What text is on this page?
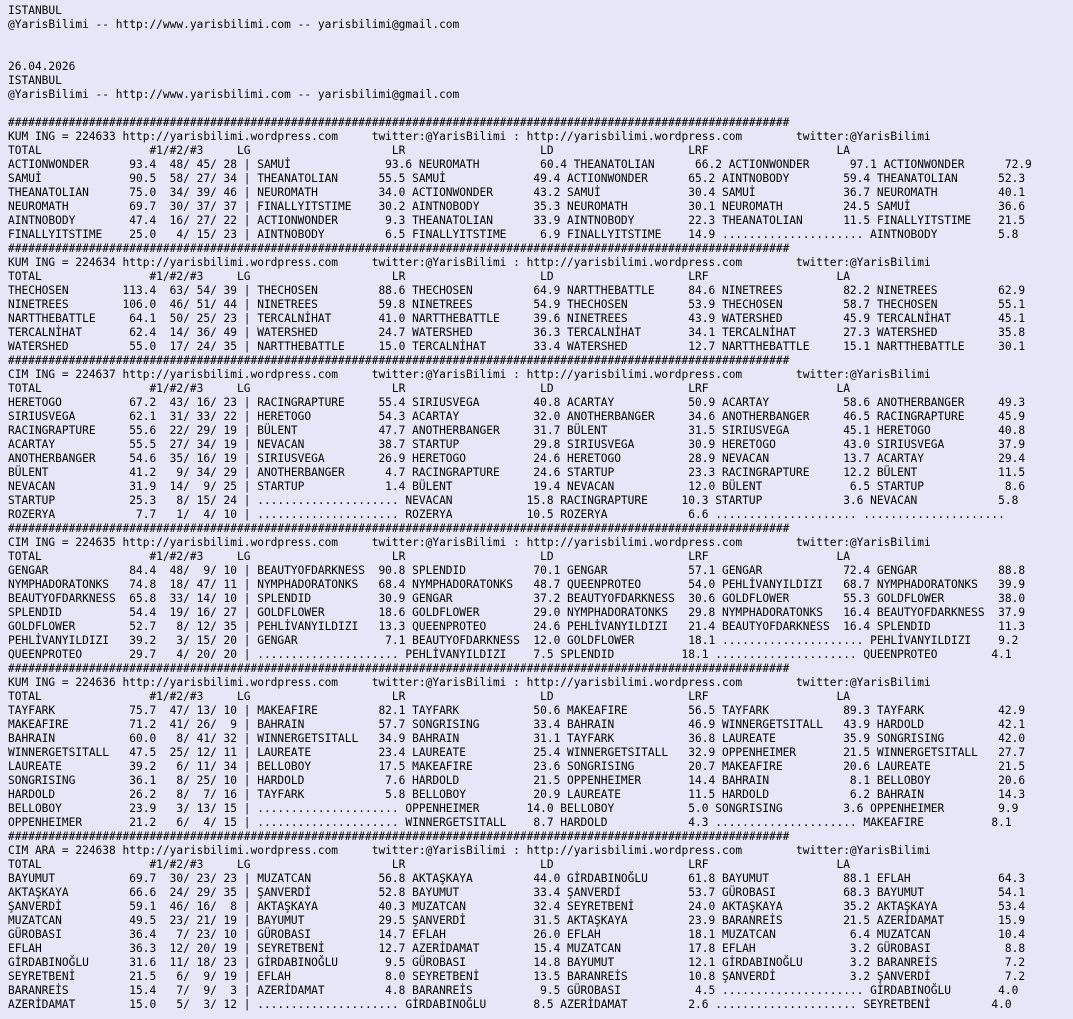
ISTANBUL
@YarisBilimi -- http://www.yarisbilimi.com -- yarisbilimi@gmail.com

26.04.2026
ISTANBUL
@YarisBilimi -- http://www.yarisbilimi.com -- yarisbilimi@gmail.com

####################################################################################################################
KUM ING = 224633 http://yarisbilimi.wordpress.com     twitter:@YarisBilimi : http://yarisbilimi.wordpress.com        twitter:@YarisBilimi
TOTAL                #1/#2/#3     LG                     LR                    LD                    LRF                   LA
ACTIONWONDER      93.4  48/ 45/ 28 | SAMUİ              93.6 NEUROMATH         60.4 THEANATOLIAN      66.2 ACTIONWONDER      97.1 ACTIONWONDER      72.9
SAMUİ             90.5  58/ 27/ 34 | THEANATOLIAN      55.5 SAMUİ             49.4 ACTIONWONDER      65.2 AINTNOBODY        59.4 THEANATOLIAN      52.3
THEANATOLIAN      75.0  34/ 39/ 46 | NEUROMATH         34.0 ACTIONWONDER      43.2 SAMUİ             30.4 SAMUİ             36.7 NEUROMATH         40.1
NEUROMATH         69.7  30/ 37/ 37 | FINALLYITSTIME    30.2 AINTNOBODY        35.3 NEUROMATH         30.1 NEUROMATH         24.5 SAMUİ             36.6
AINTNOBODY        47.4  16/ 27/ 22 | ACTIONWONDER       9.3 THEANATOLIAN      33.9 AINTNOBODY        22.3 THEANATOLIAN      11.5 FINALLYITSTIME    21.5
FINALLYITSTIME    25.0   4/ 15/ 23 | AINTNOBODY         6.5 FINALLYITSTIME     6.9 FINALLYITSTIME    14.9 ..................... AINTNOBODY         5.8
####################################################################################################################
KUM ING = 224634 http://yarisbilimi.wordpress.com     twitter:@YarisBilimi : http://yarisbilimi.wordpress.com        twitter:@YarisBilimi
TOTAL                #1/#2/#3     LG                     LR                    LD                    LRF                   LA
THECHOSEN        113.4  63/ 54/ 39 | THECHOSEN         88.6 THECHOSEN         64.9 NARTTHEBATTLE     84.6 NINETREES         82.2 NINETREES         62.9
NINETREES        106.0  46/ 51/ 44 | NINETREES         59.8 NINETREES         54.9 THECHOSEN         53.9 THECHOSEN         58.7 THECHOSEN         55.1
NARTTHEBATTLE     64.1  50/ 25/ 23 | TERCALNİHAT       41.0 NARTTHEBATTLE     39.6 NINETREES         43.9 WATERSHED         45.9 TERCALNİHAT       45.1
TERCALNİHAT       62.4  14/ 36/ 49 | WATERSHED         24.7 WATERSHED         36.3 TERCALNİHAT       34.1 TERCALNİHAT       27.3 WATERSHED         35.8
WATERSHED         55.0  17/ 24/ 35 | NARTTHEBATTLE     15.0 TERCALNİHAT       33.4 WATERSHED         12.7 NARTTHEBATTLE     15.1 NARTTHEBATTLE     30.1
####################################################################################################################
CIM ING = 224637 http://yarisbilimi.wordpress.com     twitter:@YarisBilimi : http://yarisbilimi.wordpress.com        twitter:@YarisBilimi
TOTAL                #1/#2/#3     LG                     LR                    LD                    LRF                   LA
HERETOGO          67.2  43/ 16/ 23 | RACINGRAPTURE     55.4 SIRIUSVEGA        40.8 ACARTAY           50.9 ACARTAY           58.6 ANOTHERBANGER     49.3
SIRIUSVEGA        62.1  31/ 33/ 22 | HERETOGO          54.3 ACARTAY           32.0 ANOTHERBANGER     34.6 ANOTHERBANGER     46.5 RACINGRAPTURE     45.9
RACINGRAPTURE     55.6  22/ 29/ 19 | BÜLENT            47.7 ANOTHERBANGER     31.7 BÜLENT            31.5 SIRIUSVEGA        45.1 HERETOGO          40.8
ACARTAY           55.5  27/ 34/ 19 | NEVACAN           38.7 STARTUP           29.8 SIRIUSVEGA        30.9 HERETOGO          43.0 SIRIUSVEGA        37.9
ANOTHERBANGER     54.6  35/ 16/ 19 | SIRIUSVEGA        26.9 HERETOGO          24.6 HERETOGO          28.9 NEVACAN           13.7 ACARTAY           29.4
BÜLENT            41.2   9/ 34/ 29 | ANOTHERBANGER      4.7 RACINGRAPTURE     24.6 STARTUP           23.3 RACINGRAPTURE     12.2 BÜLENT            11.5
NEVACAN           31.9  14/  9/ 25 | STARTUP            1.4 BÜLENT            19.4 NEVACAN           12.0 BÜLENT             6.5 STARTUP            8.6
STARTUP           25.3   8/ 15/ 24 | ..................... NEVACAN           15.8 RACINGRAPTURE     10.3 STARTUP            3.6 NEVACAN            5.8
ROZERYA            7.7   1/  4/ 10 | ..................... ROZERYA           10.5 ROZERYA            6.6 ..................... .....................
####################################################################################################################
CIM ING = 224635 http://yarisbilimi.wordpress.com     twitter:@YarisBilimi : http://yarisbilimi.wordpress.com        twitter:@YarisBilimi
TOTAL                #1/#2/#3     LG                     LR                    LD                    LRF                   LA
GENGAR            84.4  48/  9/ 10 | BEAUTYOFDARKNESS  90.8 SPLENDID          70.1 GENGAR            57.1 GENGAR            72.4 GENGAR            88.8
NYMPHADORATONKS   74.8  18/ 47/ 11 | NYMPHADORATONKS   68.4 NYMPHADORATONKS   48.7 QUEENPROTEO       54.0 PEHLİVANYILDIZI   68.7 NYMPHADORATONKS   39.9
BEAUTYOFDARKNESS  65.8  33/ 14/ 10 | SPLENDID          30.9 GENGAR            37.2 BEAUTYOFDARKNESS  30.6 GOLDFLOWER        55.3 GOLDFLOWER        38.0
SPLENDID          54.4  19/ 16/ 27 | GOLDFLOWER        18.6 GOLDFLOWER        29.0 NYMPHADORATONKS   29.8 NYMPHADORATONKS   16.4 BEAUTYOFDARKNESS  37.9
GOLDFLOWER        52.7   8/ 12/ 35 | PEHLİVANYILDIZI   13.3 QUEENPROTEO       24.6 PEHLİVANYILDIZI   21.4 BEAUTYOFDARKNESS  16.4 SPLENDID          11.3
PEHLİVANYILDIZI   39.2   3/ 15/ 20 | GENGAR             7.1 BEAUTYOFDARKNESS  12.0 GOLDFLOWER        18.1 ..................... PEHLİVANYILDIZI    9.2
QUEENPROTEO       29.7   4/ 20/ 20 | ..................... PEHLİVANYILDIZI    7.5 SPLENDID          18.1 ..................... QUEENPROTEO        4.1
####################################################################################################################
KUM ING = 224636 http://yarisbilimi.wordpress.com     twitter:@YarisBilimi : http://yarisbilimi.wordpress.com        twitter:@YarisBilimi
TOTAL                #1/#2/#3     LG                     LR                    LD                    LRF                   LA
TAYFARK           75.7  47/ 13/ 10 | MAKEAFIRE         82.1 TAYFARK           50.6 MAKEAFIRE         56.5 TAYFARK           89.3 TAYFARK           42.9
MAKEAFIRE         71.2  41/ 26/  9 | BAHRAIN           57.7 SONGRISING        33.4 BAHRAIN           46.9 WINNERGETSITALL   43.9 HARDOLD           42.1
BAHRAIN           60.0   8/ 41/ 32 | WINNERGETSITALL   34.9 BAHRAIN           31.1 TAYFARK           36.8 LAUREATE          35.9 SONGRISING        42.0
WINNERGETSITALL   47.5  25/ 12/ 11 | LAUREATE          23.4 LAUREATE          25.4 WINNERGETSITALL   32.9 OPPENHEIMER       21.5 WINNERGETSITALL   27.7
LAUREATE          39.2   6/ 11/ 34 | BELLOBOY          17.5 MAKEAFIRE         23.6 SONGRISING        20.7 MAKEAFIRE         20.6 LAUREATE          21.5
SONGRISING        36.1   8/ 25/ 10 | HARDOLD            7.6 HARDOLD           21.5 OPPENHEIMER       14.4 BAHRAIN            8.1 BELLOBOY          20.6
HARDOLD           26.2   8/  7/ 16 | TAYFARK            5.8 BELLOBOY          20.9 LAUREATE          11.5 HARDOLD            6.2 BAHRAIN           14.3
BELLOBOY          23.9   3/ 13/ 15 | ..................... OPPENHEIMER       14.0 BELLOBOY           5.0 SONGRISING         3.6 OPPENHEIMER        9.9
OPPENHEIMER       21.2   6/  4/ 15 | ..................... WINNERGETSITALL    8.7 HARDOLD            4.3 ..................... MAKEAFIRE          8.1
####################################################################################################################
CIM ARA = 224638 http://yarisbilimi.wordpress.com     twitter:@YarisBilimi : http://yarisbilimi.wordpress.com        twitter:@YarisBilimi
TOTAL                #1/#2/#3     LG                     LR                    LD                    LRF                   LA
BAYUMUT           69.7  30/ 23/ 23 | MUZATCAN          56.8 AKTAŞKAYA         44.0 GİRDABINOĞLU      61.8 BAYUMUT           88.1 EFLAH             64.3
AKTAŞKAYA         66.6  24/ 29/ 35 | ŞANVERDİ          52.8 BAYUMUT           33.4 ŞANVERDİ          53.7 GÜROBASI          68.3 BAYUMUT           54.1
ŞANVERDİ          59.1  46/ 16/  8 | AKTAŞKAYA         40.3 MUZATCAN          32.4 SEYRETBENİ        24.0 AKTAŞKAYA         35.2 AKTAŞKAYA         53.4
MUZATCAN          49.5  23/ 21/ 19 | BAYUMUT           29.5 ŞANVERDİ          31.5 AKTAŞKAYA         23.9 BARANREİS         21.5 AZERİDAMAT        15.9
GÜROBASI          36.4   7/ 23/ 10 | GÜROBASI          14.7 EFLAH             26.0 EFLAH             18.1 MUZATCAN           6.4 MUZATCAN          10.4
EFLAH             36.3  12/ 20/ 19 | SEYRETBENİ        12.7 AZERİDAMAT        15.4 MUZATCAN          17.8 EFLAH              3.2 GÜROBASI           8.8
GİRDABINOĞLU      31.6  11/ 18/ 23 | GİRDABINOĞLU       9.5 GÜROBASI          14.8 BAYUMUT           12.1 GİRDABINOĞLU       3.2 BARANREİS          7.2
SEYRETBENİ        21.5   6/  9/ 19 | EFLAH              8.0 SEYRETBENİ        13.5 BARANREİS         10.8 ŞANVERDİ           3.2 ŞANVERDİ           7.2
BARANREİS         15.4   7/  9/  3 | AZERİDAMAT         4.8 BARANREİS          9.5 GÜROBASI           4.5 ..................... GİRDABINOĞLU       4.0
AZERİDAMAT        15.0   5/  3/ 12 | ..................... GİRDABINOĞLU       8.5 AZERİDAMAT         2.6 ..................... SEYRETBENİ         4.0
